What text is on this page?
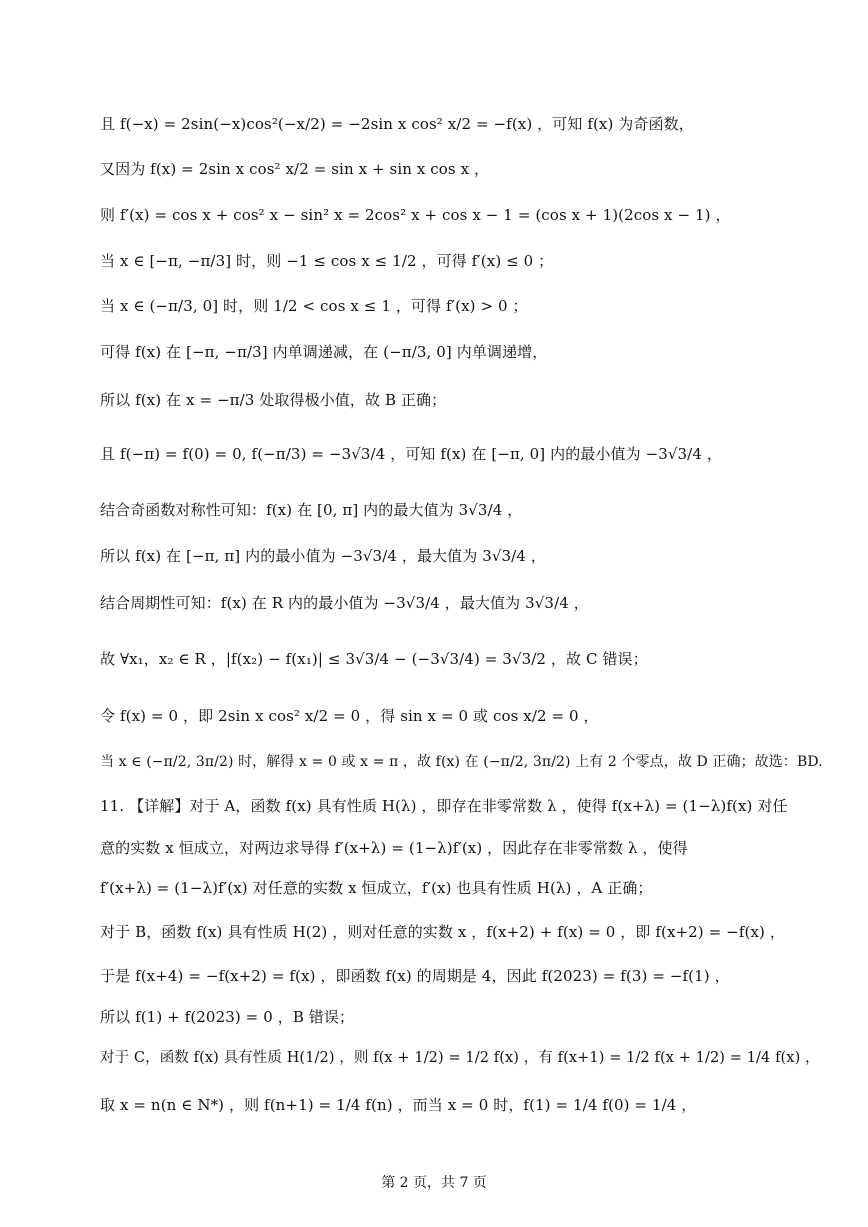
且 f(−x) = 2sin(−x)cos²(−x/2) = −2sin x cos² x/2 = −f(x) ，可知 f(x) 为奇函数，
又因为 f(x) = 2sin x cos² x/2 = sin x + sin x cos x ，
则 f′(x) = cos x + cos² x − sin² x = 2cos² x + cos x − 1 = (cos x + 1)(2cos x − 1) ，
当 x ∈ [−π, −π/3] 时，则 −1 ≤ cos x ≤ 1/2 ，可得 f′(x) ≤ 0 ；
当 x ∈ (−π/3, 0] 时，则 1/2 < cos x ≤ 1 ，可得 f′(x) > 0 ；
可得 f(x) 在 [−π, −π/3] 内单调递减，在 (−π/3, 0] 内单调递增，
所以 f(x) 在 x = −π/3 处取得极小值，故 B 正确；
且 f(−π) = f(0) = 0, f(−π/3) = −3√3/4 ，可知 f(x) 在 [−π, 0] 内的最小值为 −3√3/4 ，
结合奇函数对称性可知：f(x) 在 [0, π] 内的最大值为 3√3/4 ，
所以 f(x) 在 [−π, π] 内的最小值为 −3√3/4 ，最大值为 3√3/4 ，
结合周期性可知：f(x) 在 R 内的最小值为 −3√3/4 ，最大值为 3√3/4 ，
故 ∀x₁，x₂ ∈ R ，|f(x₂) − f(x₁)| ≤ 3√3/4 − (−3√3/4) = 3√3/2 ，故 C 错误；
令 f(x) = 0 ，即 2sin x cos² x/2 = 0 ，得 sin x = 0 或 cos x/2 = 0 ，
当 x ∈ (−π/2, 3π/2) 时，解得 x = 0 或 x = π ，故 f(x) 在 (−π/2, 3π/2) 上有 2 个零点，故 D 正确；故选：BD.
11. 【详解】对于 A，函数 f(x) 具有性质 H(λ) ，即存在非零常数 λ ，使得 f(x+λ) = (1−λ)f(x) 对任
意的实数 x 恒成立，对两边求导得 f′(x+λ) = (1−λ)f′(x) ，因此存在非零常数 λ ，使得
f′(x+λ) = (1−λ)f′(x) 对任意的实数 x 恒成立，f′(x) 也具有性质 H(λ) ，A 正确；
对于 B，函数 f(x) 具有性质 H(2) ，则对任意的实数 x ，f(x+2) + f(x) = 0 ，即 f(x+2) = −f(x) ，
于是 f(x+4) = −f(x+2) = f(x) ，即函数 f(x) 的周期是 4，因此 f(2023) = f(3) = −f(1) ，
所以 f(1) + f(2023) = 0 ，B 错误；
对于 C，函数 f(x) 具有性质 H(1/2) ，则 f(x + 1/2) = 1/2 f(x) ，有 f(x+1) = 1/2 f(x + 1/2) = 1/4 f(x) ，
取 x = n(n ∈ N*) ，则 f(n+1) = 1/4 f(n) ，而当 x = 0 时，f(1) = 1/4 f(0) = 1/4 ，
第 2 页，共 7 页
